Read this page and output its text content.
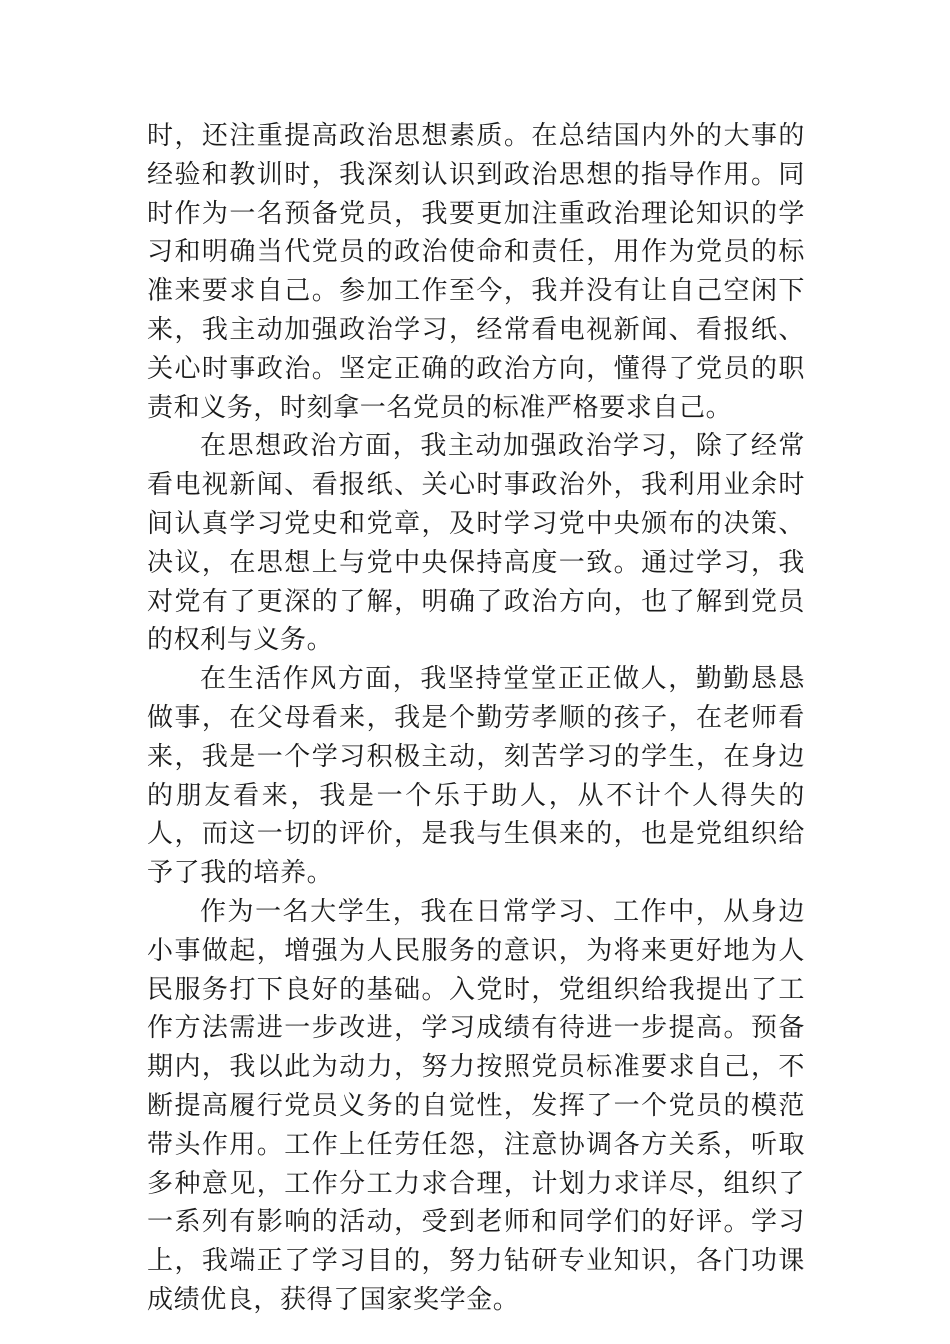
时，还注重提高政治思想素质。在总结国内外的大事的经验和教训时，我深刻认识到政治思想的指导作用。同时作为一名预备党员，我要更加注重政治理论知识的学习和明确当代党员的政治使命和责任，用作为党员的标准来要求自己。参加工作至今，我并没有让自己空闲下来，我主动加强政治学习，经常看电视新闻、看报纸、关心时事政治。坚定正确的政治方向，懂得了党员的职责和义务，时刻拿一名党员的标准严格要求自己。

在思想政治方面，我主动加强政治学习，除了经常看电视新闻、看报纸、关心时事政治外，我利用业余时间认真学习党史和党章，及时学习党中央颁布的决策、决议，在思想上与党中央保持高度一致。通过学习，我对党有了更深的了解，明确了政治方向，也了解到党员的权利与义务。

在生活作风方面，我坚持堂堂正正做人，勤勤恳恳做事，在父母看来，我是个勤劳孝顺的孩子，在老师看来，我是一个学习积极主动，刻苦学习的学生，在身边的朋友看来，我是一个乐于助人，从不计个人得失的人，而这一切的评价，是我与生俱来的，也是党组织给予了我的培养。

作为一名大学生，我在日常学习、工作中，从身边小事做起，增强为人民服务的意识，为将来更好地为人民服务打下良好的基础。入党时，党组织给我提出了工作方法需进一步改进，学习成绩有待进一步提高。预备期内，我以此为动力，努力按照党员标准要求自己，不断提高履行党员义务的自觉性，发挥了一个党员的模范带头作用。工作上任劳任怨，注意协调各方关系，听取多种意见，工作分工力求合理，计划力求详尽，组织了一系列有影响的活动，受到老师和同学们的好评。学习上，我端正了学习目的，努力钻研专业知识，各门功课成绩优良，获得了国家奖学金。
